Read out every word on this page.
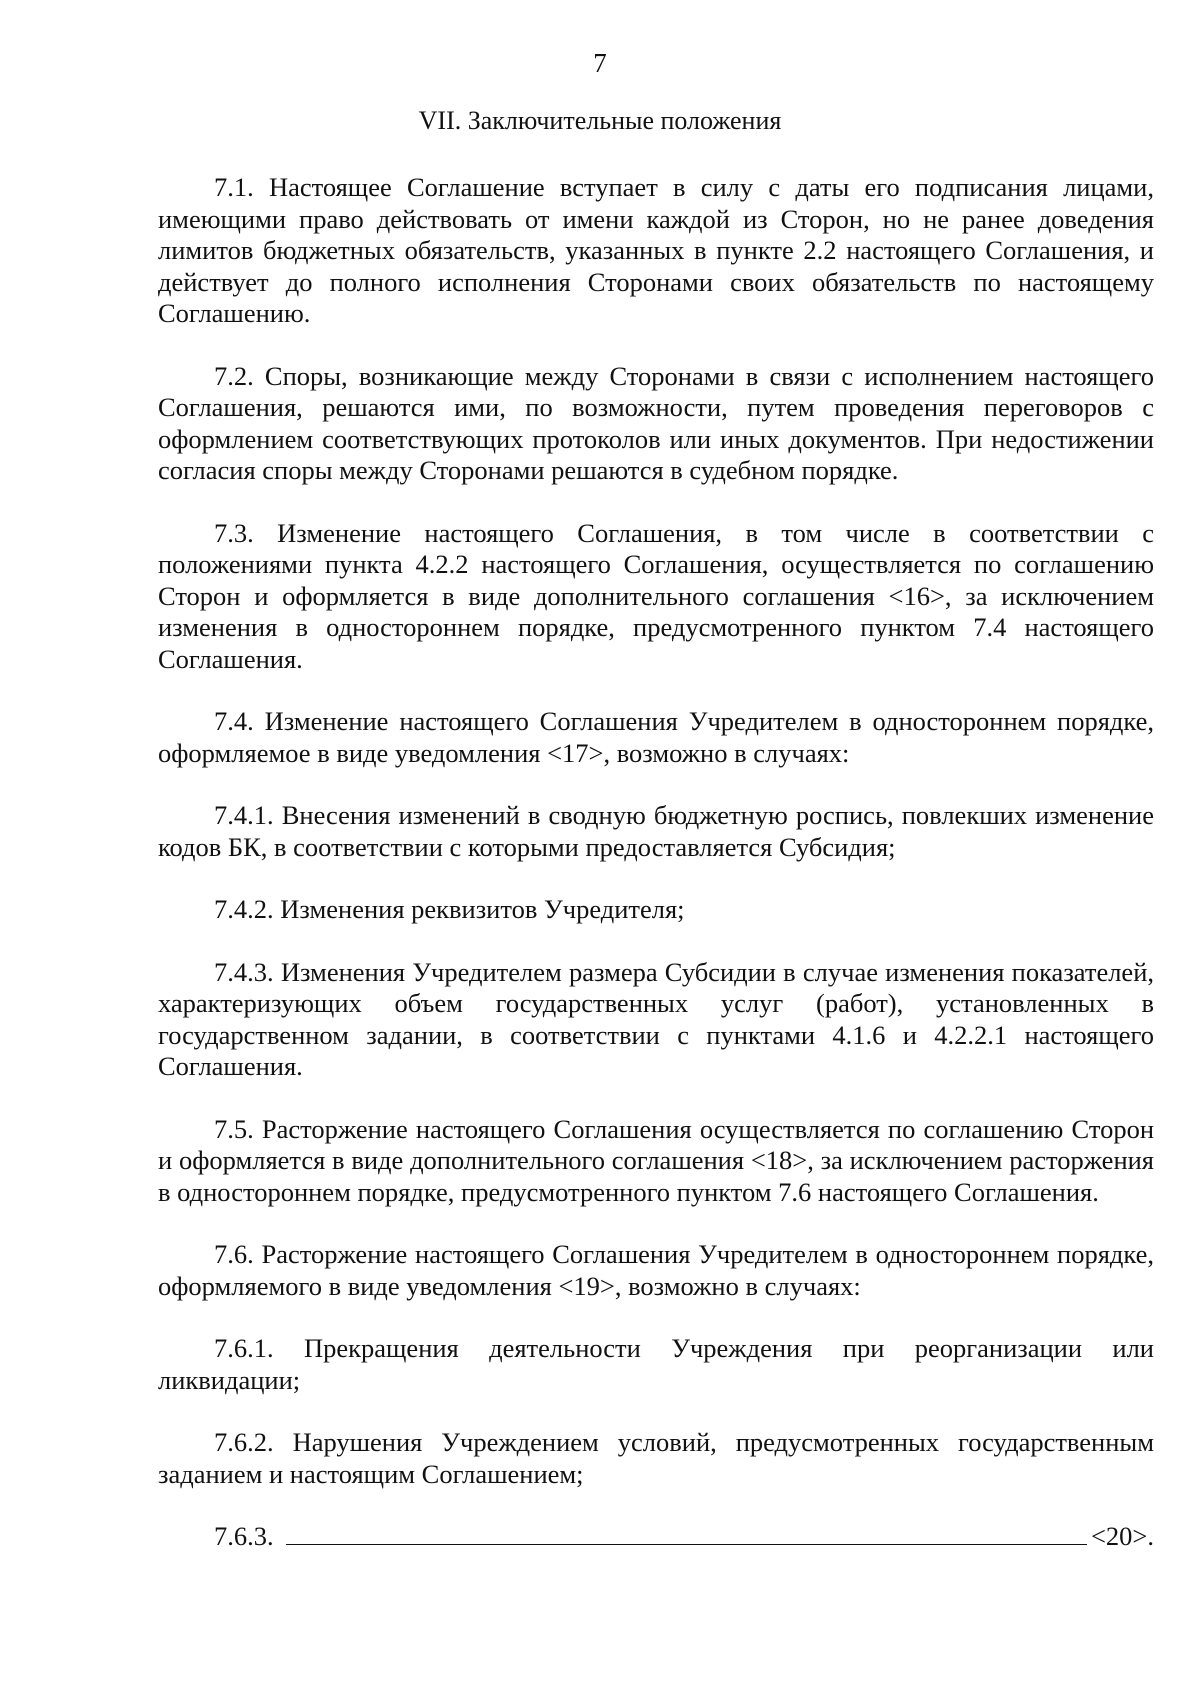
7
VII. Заключительные положения

7.1. Настоящее Соглашение вступает в силу с даты его подписания лицами, имеющими право действовать от имени каждой из Сторон, но не ранее доведения лимитов бюджетных обязательств, указанных в пункте 2.2 настоящего Соглашения, и действует до полного исполнения Сторонами своих обязательств по настоящему Соглашению.

7.2. Споры, возникающие между Сторонами в связи с исполнением настоящего Соглашения, решаются ими, по возможности, путем проведения переговоров с оформлением соответствующих протоколов или иных документов. При недостижении согласия споры между Сторонами решаются в судебном порядке.

7.3. Изменение настоящего Соглашения, в том числе в соответствии с положениями пункта 4.2.2 настоящего Соглашения, осуществляется по соглашению Сторон и оформляется в виде дополнительного соглашения <16>, за исключением изменения в одностороннем порядке, предусмотренного пунктом 7.4 настоящего Соглашения.

7.4. Изменение настоящего Соглашения Учредителем в одностороннем порядке, оформляемое в виде уведомления <17>, возможно в случаях:

7.4.1. Внесения изменений в сводную бюджетную роспись, повлекших изменение кодов БК, в соответствии с которыми предоставляется Субсидия;

7.4.2. Изменения реквизитов Учредителя;

7.4.3. Изменения Учредителем размера Субсидии в случае изменения показателей, характеризующих объем государственных услуг (работ), установленных в государственном задании, в соответствии с пунктами 4.1.6 и 4.2.2.1 настоящего Соглашения.

7.5. Расторжение настоящего Соглашения осуществляется по соглашению Сторон и оформляется в виде дополнительного соглашения <18>, за исключением расторжения в одностороннем порядке, предусмотренного пунктом 7.6 настоящего Соглашения.

7.6. Расторжение настоящего Соглашения Учредителем в одностороннем порядке, оформляемого в виде уведомления <19>, возможно в случаях:

7.6.1. Прекращения деятельности Учреждения при реорганизации или ликвидации;

7.6.2. Нарушения Учреждением условий, предусмотренных государственным заданием и настоящим Соглашением;

7.6.3.	<20>.
